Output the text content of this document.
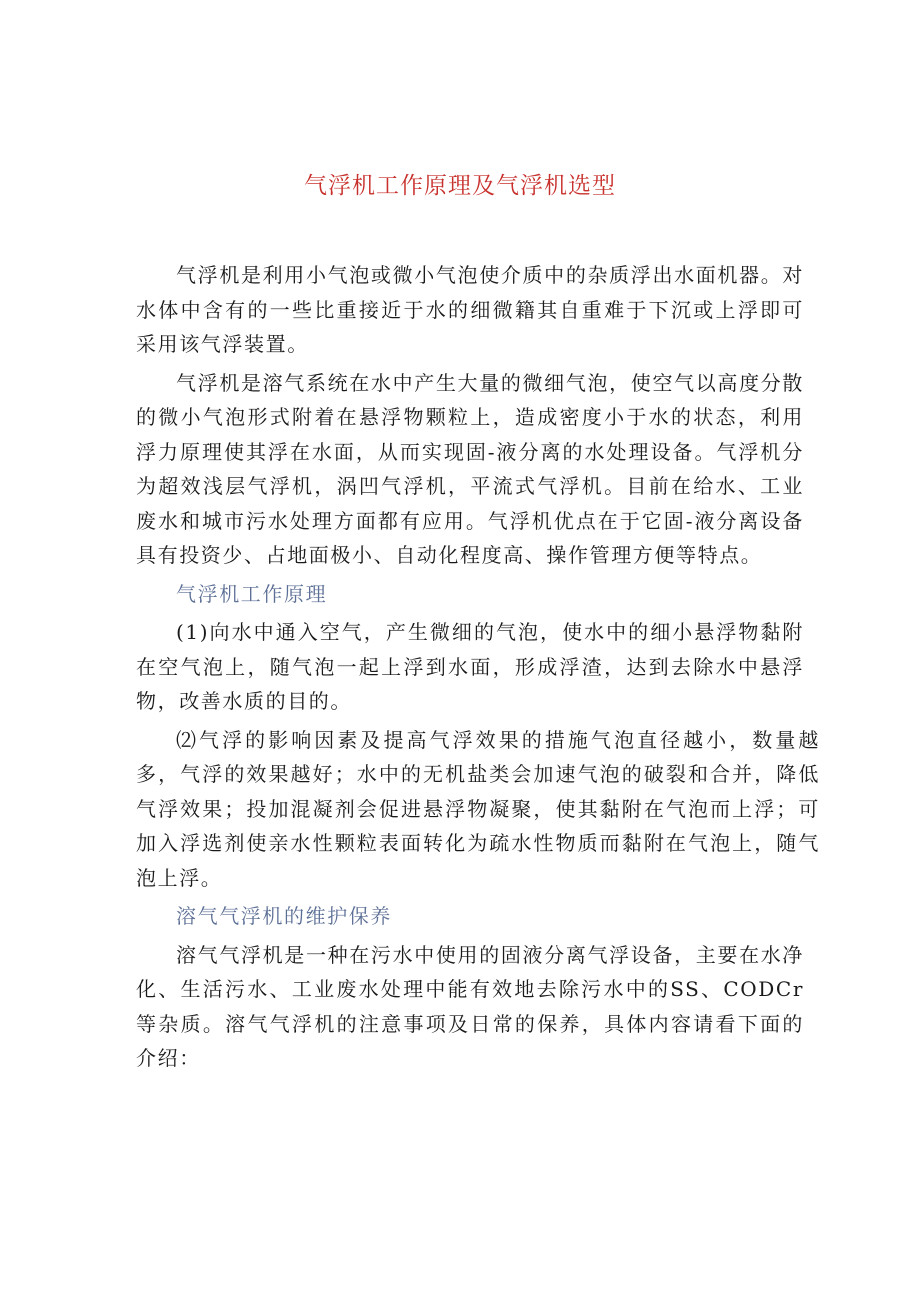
气浮机工作原理及气浮机选型

气浮机是利用小气泡或微小气泡使介质中的杂质浮出水面机器。对水体中含有的一些比重接近于水的细微籍其自重难于下沉或上浮即可采用该气浮装置。

气浮机是溶气系统在水中产生大量的微细气泡，使空气以高度分散的微小气泡形式附着在悬浮物颗粒上，造成密度小于水的状态，利用浮力原理使其浮在水面，从而实现固-液分离的水处理设备。气浮机分为超效浅层气浮机，涡凹气浮机，平流式气浮机。目前在给水、工业废水和城市污水处理方面都有应用。气浮机优点在于它固-液分离设备具有投资少、占地面极小、自动化程度高、操作管理方便等特点。

气浮机工作原理

(1)向水中通入空气，产生微细的气泡，使水中的细小悬浮物黏附在空气泡上，随气泡一起上浮到水面，形成浮渣，达到去除水中悬浮物，改善水质的目的。

⑵气浮的影响因素及提高气浮效果的措施气泡直径越小，数量越多，气浮的效果越好；水中的无机盐类会加速气泡的破裂和合并，降低气浮效果；投加混凝剂会促进悬浮物凝聚，使其黏附在气泡而上浮；可加入浮选剂使亲水性颗粒表面转化为疏水性物质而黏附在气泡上，随气泡上浮。

溶气气浮机的维护保养

溶气气浮机是一种在污水中使用的固液分离气浮设备，主要在水净化、生活污水、工业废水处理中能有效地去除污水中的SS、CODCr等杂质。溶气气浮机的注意事项及日常的保养，具体内容请看下面的介绍：
